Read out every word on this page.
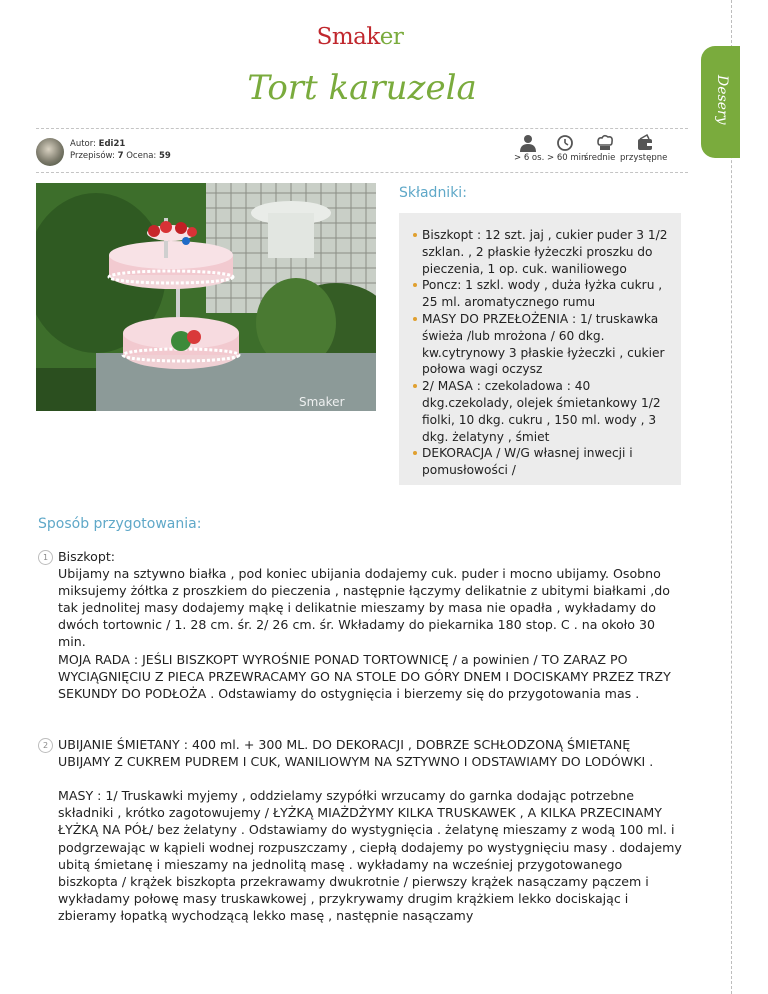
Desery
Smaker
Tort karuzela
Autor: Edi21
Przepisów: 7 Ocena: 59	> 6 os. > 60 min
średnie przystępne
Smaker
Składniki:
Biszkopt : 12 szt. jaj , cukier puder 3 1/2 szklan. , 2 płaskie łyżeczki proszku do pieczenia, 1 op. cuk. waniliowego
Poncz: 1 szkl. wody , duża łyżka cukru , 25 ml. aromatycznego rumu
MASY DO PRZEŁOŻENIA : 1/ truskawka świeża /lub mrożona / 60 dkg. kw.cytrynowy 3 płaskie łyżeczki , cukier połowa wagi oczysz
2/ MASA : czekoladowa : 40 dkg.czekolady, olejek śmietankowy 1/2 fiolki, 10 dkg. cukru , 150 ml. wody , 3 dkg. żelatyny , śmiet
DEKORACJA / W/G własnej inwecji i pomusłowości /
Sposób przygotowania:
1 Biszkopt:
Ubijamy na sztywno białka , pod koniec ubijania dodajemy cuk. puder i mocno ubijamy. Osobno miksujemy żółtka z proszkiem do pieczenia , następnie łączymy delikatnie z ubitymi białkami ,do tak jednolitej masy dodajemy mąkę i delikatnie mieszamy by masa nie opadła , wykładamy do dwóch tortownic / 1. 28 cm. śr. 2/ 26 cm. śr. Wkładamy do piekarnika 180 stop. C . na około 30 min.
MOJA RADA : JEŚLI BISZKOPT WYROŚNIE PONAD TORTOWNICĘ / a powinien / TO ZARAZ PO WYCIĄGNIĘCIU Z PIECA PRZEWRACAMY GO NA STOLE DO GÓRY DNEM I DOCISKAMY PRZEZ TRZY SEKUNDY DO PODŁOŻA . Odstawiamy do ostygnięcia i bierzemy się do przygotowania mas .
2 UBIJANIE ŚMIETANY : 400 ml. + 300 ML. DO DEKORACJI , DOBRZE SCHŁODZONĄ ŚMIETANĘ UBIJAMY Z CUKREM PUDREM I CUK, WANILIOWYM NA SZTYWNO I ODSTAWIAMY DO LODÓWKI .

MASY : 1/ Truskawki myjemy , oddzielamy szypółki wrzucamy do garnka dodając potrzebne składniki , krótko zagotowujemy / ŁYŻKĄ MIAŻDŻYMY KILKA TRUSKAWEK , A KILKA PRZECINAMY ŁYŻKĄ NA PÓŁ/ bez żelatyny . Odstawiamy do wystygnięcia . żelatynę mieszamy z wodą 100 ml. i podgrzewając w kąpieli wodnej rozpuszczamy , ciepłą dodajemy po wystygnięciu masy . dodajemy ubitą śmietanę i mieszamy na jednolitą masę . wykładamy na wcześniej przygotowanego biszkopta / krążek biszkopta przekrawamy dwukrotnie / pierwszy krążek nasączamy pączem i wykładamy połowę masy truskawkowej , przykrywamy drugim krążkiem lekko dociskając i zbieramy łopatką wychodzącą lekko masę , następnie nasączamy
